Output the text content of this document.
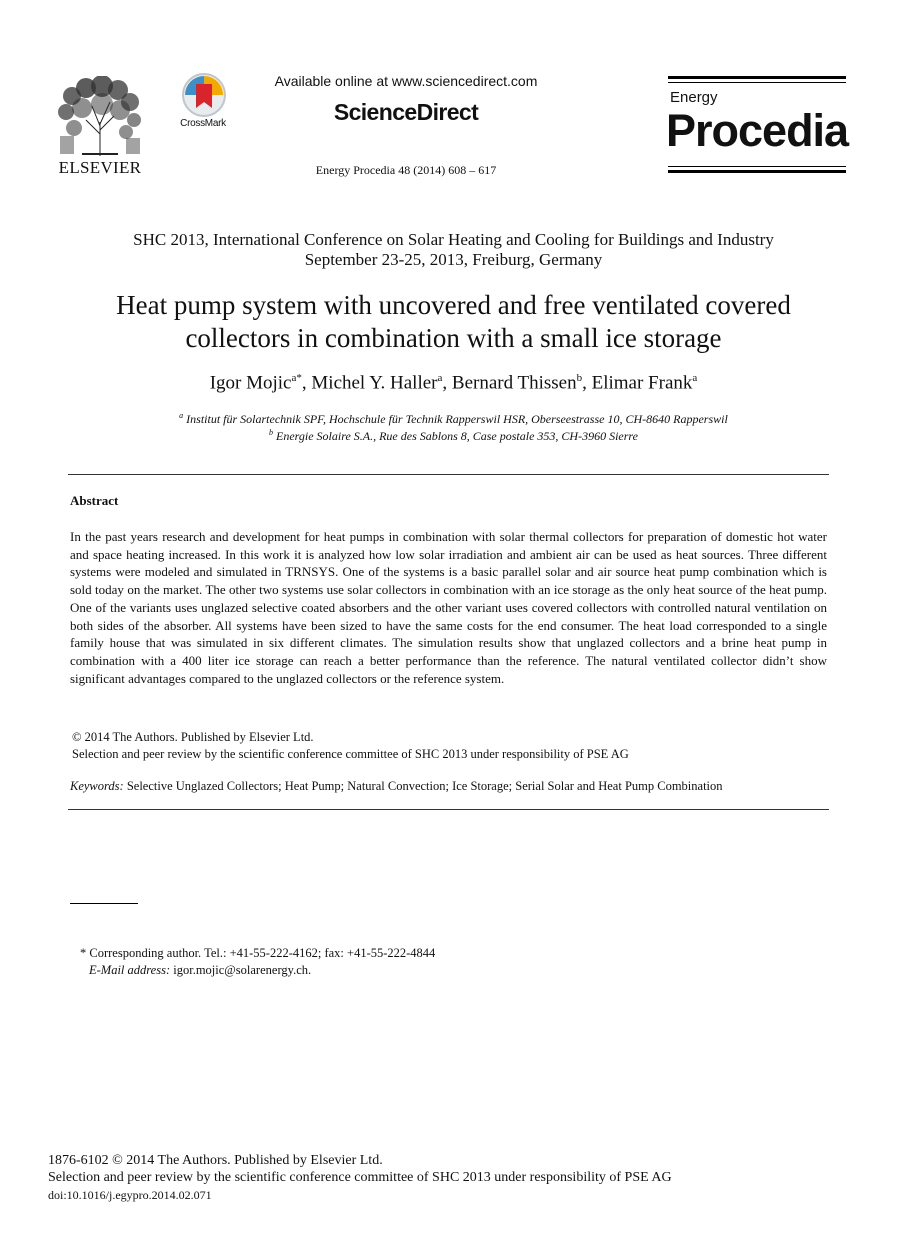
ELSEVIER
CrossMark
Available online at www.sciencedirect.com
ScienceDirect
Energy Procedia 48 (2014) 608 – 617
Energy
Procedia
SHC 2013, International Conference on Solar Heating and Cooling for Buildings and Industry
September 23-25, 2013, Freiburg, Germany
Heat pump system with uncovered and free ventilated covered
collectors in combination with a small ice storage
Igor Mojic$^{a*}$, Michel Y. Haller$^a$, Bernard Thissen$^b$, Elimar Frank$^a$
$^a$ Institut für Solartechnik SPF, Hochschule für Technik Rapperswil HSR, Oberseestrasse 10, CH-8640 Rapperswil
$^b$ Energie Solaire S.A., Rue des Sablons 8, Case postale 353, CH-3960 Sierre
Abstract
In the past years research and development for heat pumps in combination with solar thermal collectors for preparation of domestic hot water and space heating increased. In this work it is analyzed how low solar irradiation and ambient air can be used as heat sources. Three different systems were modeled and simulated in TRNSYS. One of the systems is a basic parallel solar and air source heat pump combination which is sold today on the market. The other two systems use solar collectors in combination with an ice storage as the only heat source of the heat pump. One of the variants uses unglazed selective coated absorbers and the other variant uses covered collectors with controlled natural ventilation on both sides of the absorber. All systems have been sized to have the same costs for the end consumer. The heat load corresponded to a single family house that was simulated in six different climates. The simulation results show that unglazed collectors and a brine heat pump in combination with a 400 liter ice storage can reach a better performance than the reference. The natural ventilated collector didn’t show significant advantages compared to the unglazed collectors or the reference system.
© 2014 The Authors. Published by Elsevier Ltd.
Selection and peer review by the scientific conference committee of SHC 2013 under responsibility of PSE AG
Keywords: Selective Unglazed Collectors; Heat Pump; Natural Convection; Ice Storage; Serial Solar and Heat Pump Combination
* Corresponding author. Tel.: +41-55-222-4162; fax: +41-55-222-4844
E-Mail address: igor.mojic@solarenergy.ch.
1876-6102 © 2014 The Authors. Published by Elsevier Ltd.
Selection and peer review by the scientific conference committee of SHC 2013 under responsibility of PSE AG
doi:10.1016/j.egypro.2014.02.071
